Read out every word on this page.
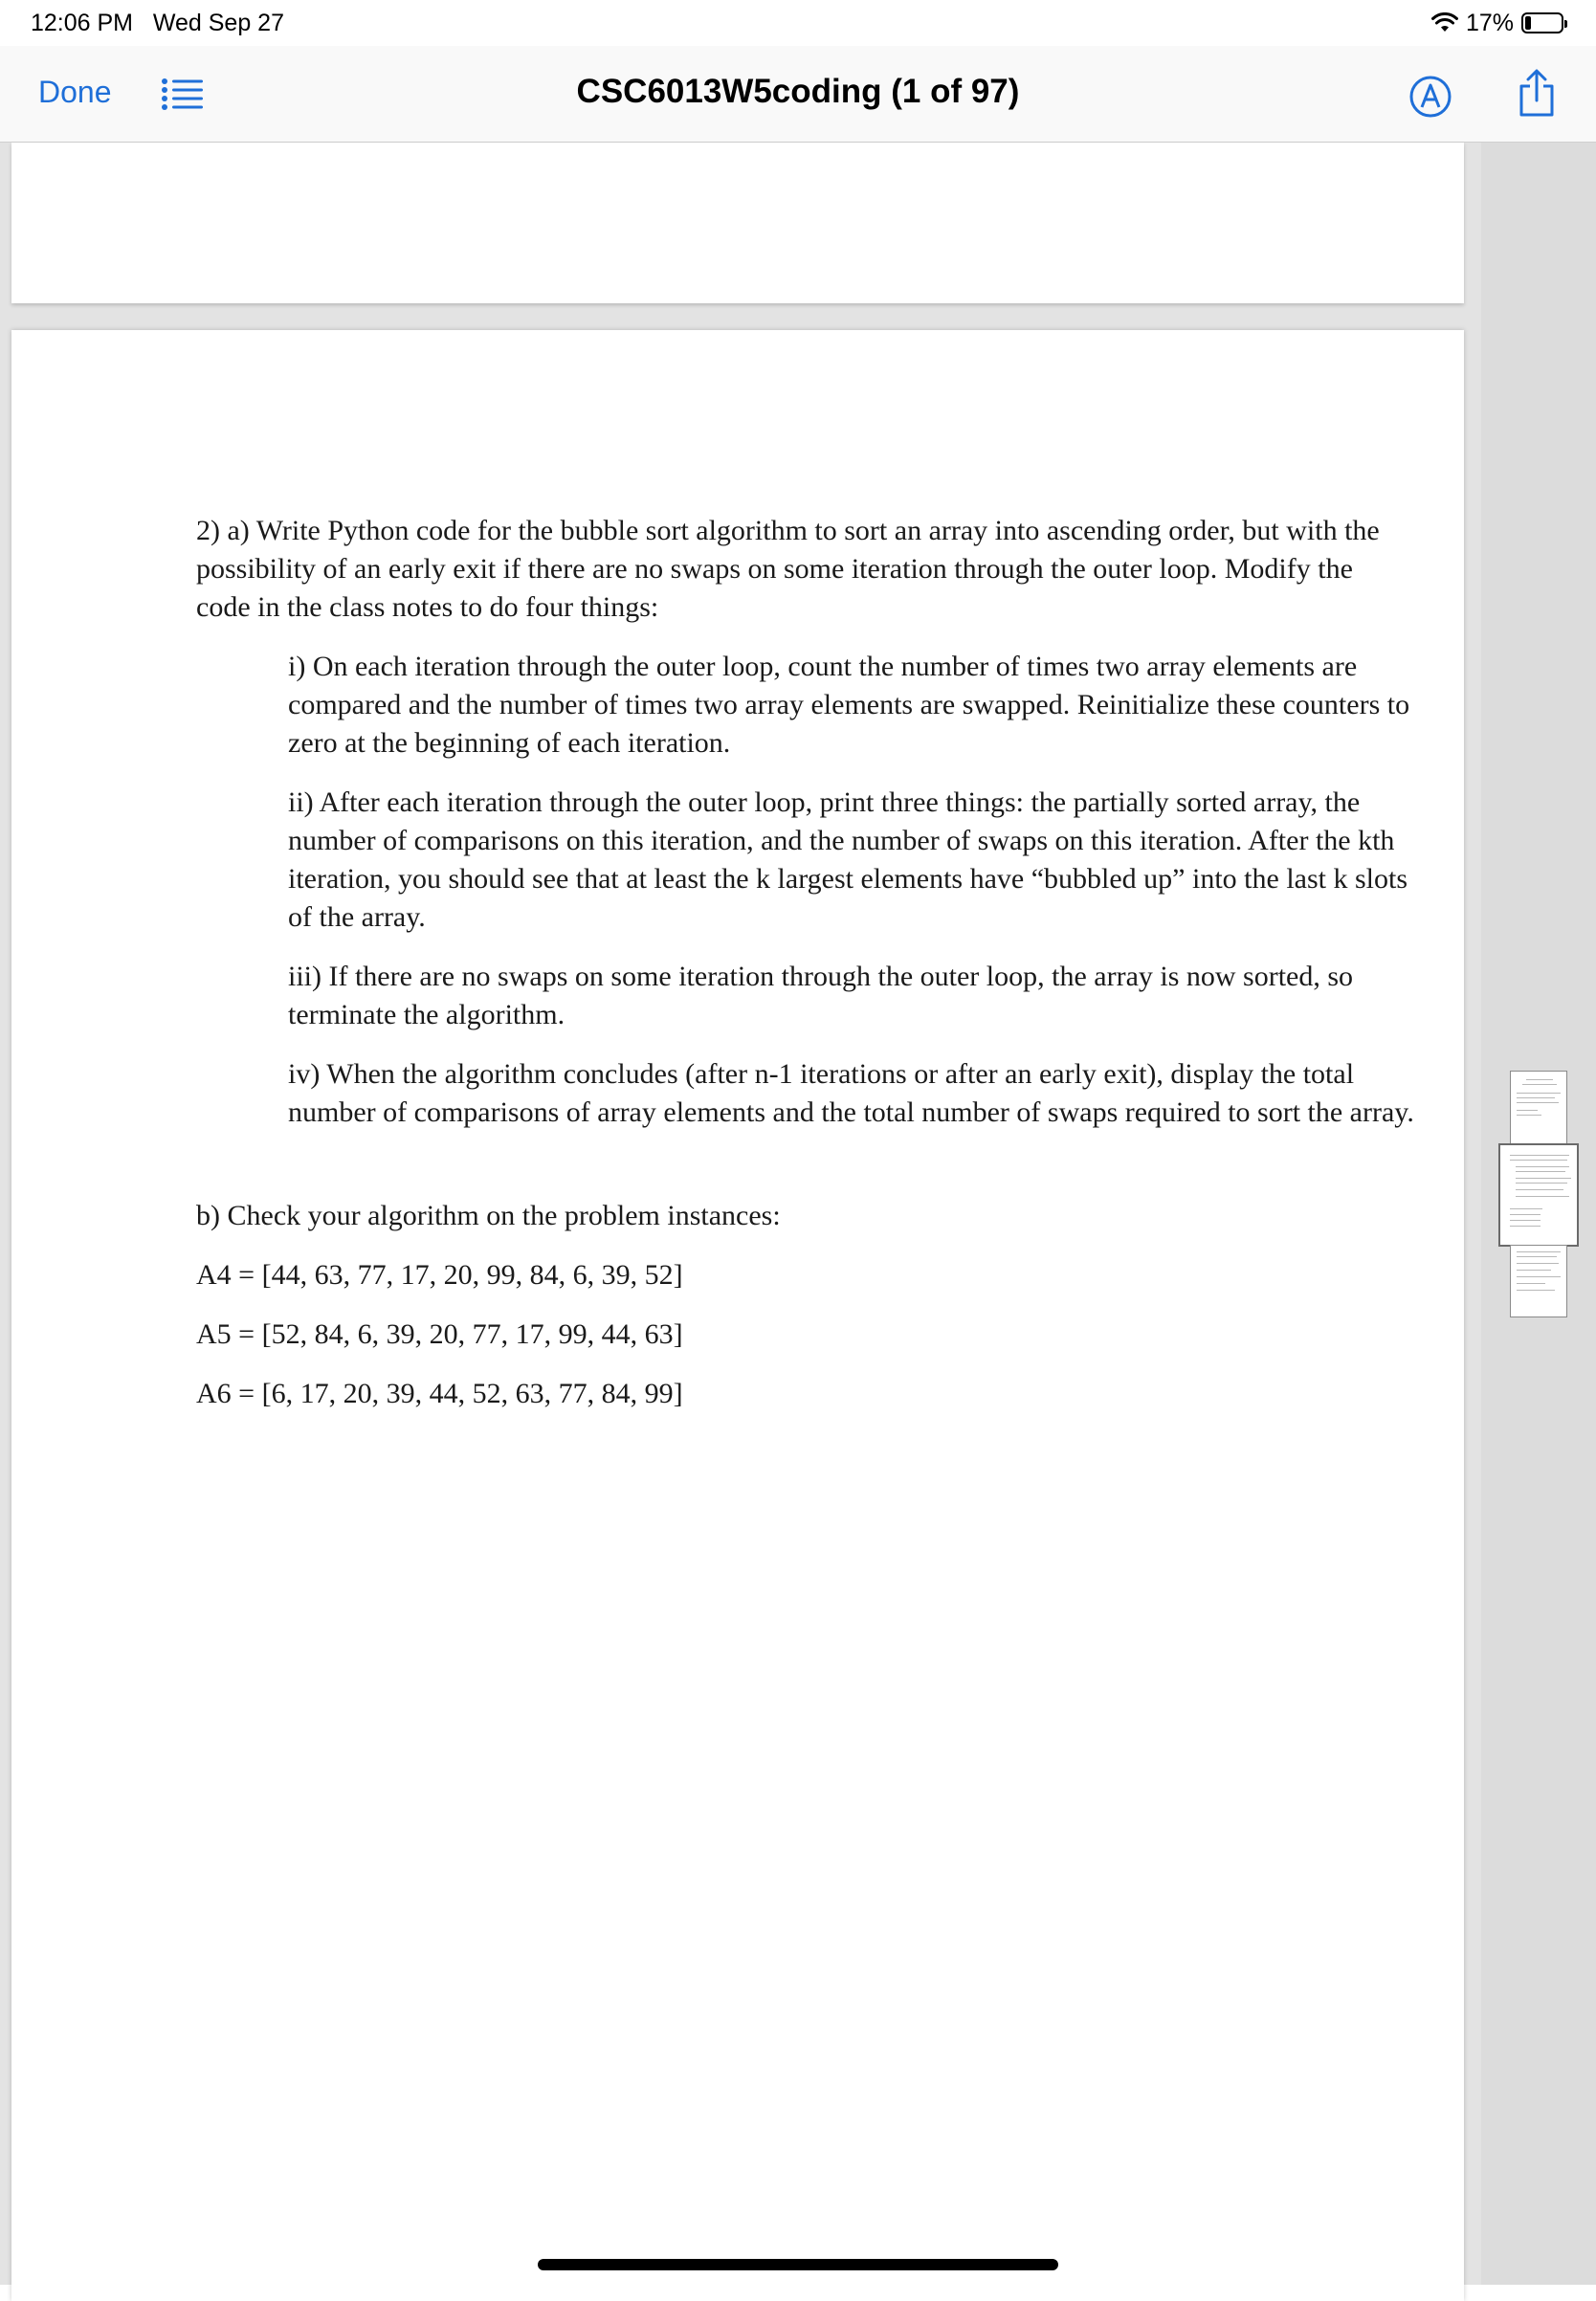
12:06 PM Wed Sep 27	17%
Done	CSC6013W5coding (1 of 97)

2) a) Write Python code for the bubble sort algorithm to sort an array into ascending order, but with the possibility of an early exit if there are no swaps on some iteration through the outer loop. Modify the code in the class notes to do four things:

i) On each iteration through the outer loop, count the number of times two array elements are compared and the number of times two array elements are swapped. Reinitialize these counters to zero at the beginning of each iteration.

ii) After each iteration through the outer loop, print three things: the partially sorted array, the number of comparisons on this iteration, and the number of swaps on this iteration. After the kth iteration, you should see that at least the k largest elements have “bubbled up” into the last k slots of the array.

iii) If there are no swaps on some iteration through the outer loop, the array is now sorted, so terminate the algorithm.

iv) When the algorithm concludes (after n-1 iterations or after an early exit), display the total number of comparisons of array elements and the total number of swaps required to sort the array.

b) Check your algorithm on the problem instances:

A4 = [44, 63, 77, 17, 20, 99, 84, 6, 39, 52]

A5 = [52, 84, 6, 39, 20, 77, 17, 99, 44, 63]

A6 = [6, 17, 20, 39, 44, 52, 63, 77, 84, 99]
